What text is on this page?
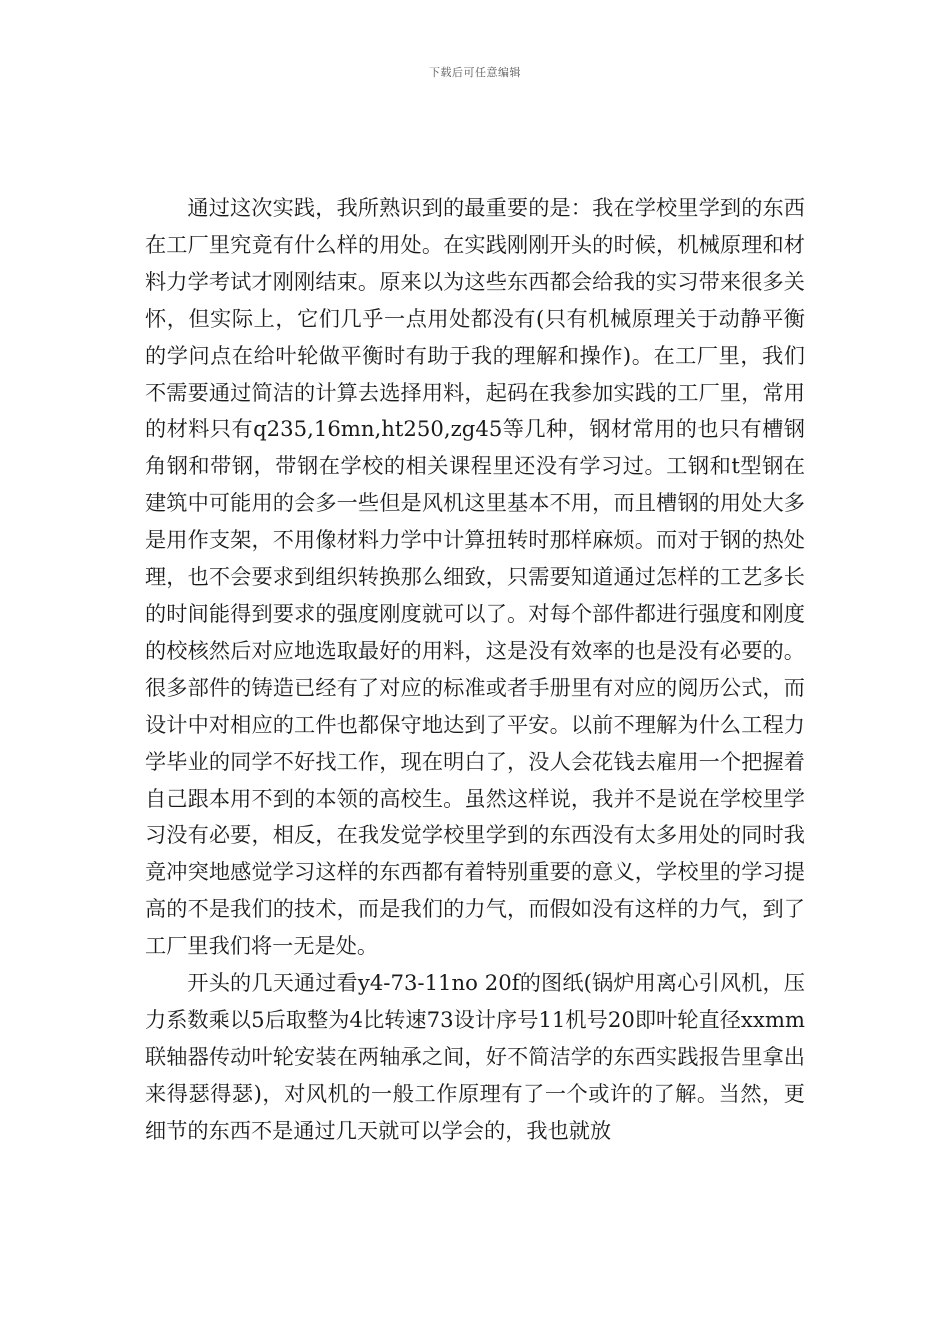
下载后可任意编辑

通过这次实践，我所熟识到的最重要的是：我在学校里学到的东西在工厂里究竟有什么样的用处。在实践刚刚开头的时候，机械原理和材料力学考试才刚刚结束。原来以为这些东西都会给我的实习带来很多关怀，但实际上，它们几乎一点用处都没有(只有机械原理关于动静平衡的学问点在给叶轮做平衡时有助于我的理解和操作)。在工厂里，我们不需要通过简洁的计算去选择用料，起码在我参加实践的工厂里，常用的材料只有q235,16mn,ht250,zg45等几种，钢材常用的也只有槽钢角钢和带钢，带钢在学校的相关课程里还没有学习过。工钢和t型钢在建筑中可能用的会多一些但是风机这里基本不用，而且槽钢的用处大多是用作支架，不用像材料力学中计算扭转时那样麻烦。而对于钢的热处理，也不会要求到组织转换那么细致，只需要知道通过怎样的工艺多长的时间能得到要求的强度刚度就可以了。对每个部件都进行强度和刚度的校核然后对应地选取最好的用料，这是没有效率的也是没有必要的。很多部件的铸造已经有了对应的标准或者手册里有对应的阅历公式，而设计中对相应的工件也都保守地达到了平安。以前不理解为什么工程力学毕业的同学不好找工作，现在明白了，没人会花钱去雇用一个把握着自己跟本用不到的本领的高校生。虽然这样说，我并不是说在学校里学习没有必要，相反，在我发觉学校里学到的东西没有太多用处的同时我竟冲突地感觉学习这样的东西都有着特别重要的意义，学校里的学习提高的不是我们的技术，而是我们的力气，而假如没有这样的力气，到了工厂里我们将一无是处。

开头的几天通过看y4-73-11no 20f的图纸(锅炉用离心引风机，压力系数乘以5后取整为4比转速73设计序号11机号20即叶轮直径xxmm联轴器传动叶轮安装在两轴承之间，好不简洁学的东西实践报告里拿出来得瑟得瑟)，对风机的一般工作原理有了一个或许的了解。当然，更细节的东西不是通过几天就可以学会的，我也就放
